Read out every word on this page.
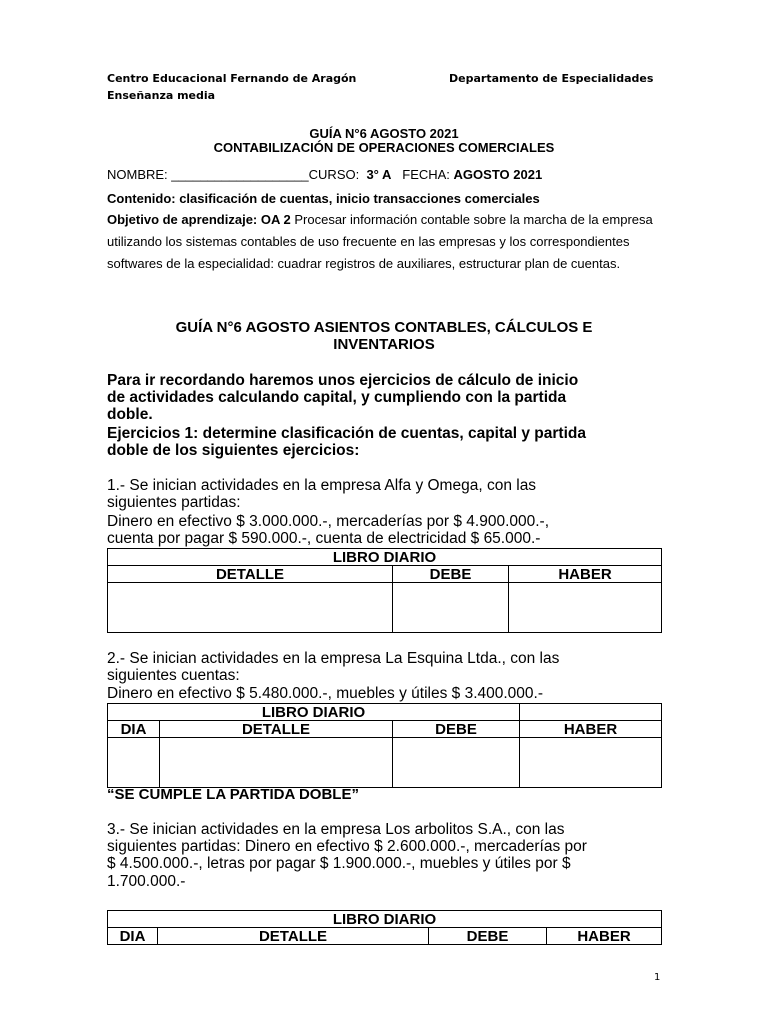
Centro Educacional Fernando de Aragón	Departamento de Especialidades

Enseñanza media

GUÍA N°6 AGOSTO 2021

CONTABILIZACIÓN DE OPERACIONES COMERCIALES

NOMBRE: ___________________CURSO: 3° A FECHA: AGOSTO 2021

Contenido: clasificación de cuentas, inicio transacciones comerciales

Objetivo de aprendizaje: OA 2 Procesar información contable sobre la marcha de la empresa utilizando los sistemas contables de uso frecuente en las empresas y los correspondientes softwares de la especialidad: cuadrar registros de auxiliares, estructurar plan de cuentas.

GUÍA N°6 AGOSTO ASIENTOS CONTABLES, CÁLCULOS E

INVENTARIOS

Para ir recordando haremos unos ejercicios de cálculo de inicio

de actividades calculando capital, y cumpliendo con la partida

doble.

Ejercicios 1: determine clasificación de cuentas, capital y partida

doble de los siguientes ejercicios:

1.- Se inician actividades en la empresa Alfa y Omega, con las

siguientes partidas:

Dinero en efectivo $ 3.000.000.-, mercaderías por $ 4.900.000.-,

cuenta por pagar $ 590.000.-, cuenta de electricidad $ 65.000.-

LIBRO DIARIO		
DETALLE	DEBE	HABER

2.- Se inician actividades en la empresa La Esquina Ltda., con las

siguientes cuentas:

Dinero en efectivo $ 5.480.000.-, muebles y útiles $ 3.400.000.-

LIBRO DIARIO			
DIA	DETALLE	DEBE	HABER

“SE CUMPLE LA PARTIDA DOBLE”

3.- Se inician actividades en la empresa Los arbolitos S.A., con las

siguientes partidas: Dinero en efectivo $ 2.600.000.-, mercaderías por

$ 4.500.000.-, letras por pagar $ 1.900.000.-, muebles y útiles por $

1.700.000.-

LIBRO DIARIO
DIA	DETALLE	DEBE	HABER

1
